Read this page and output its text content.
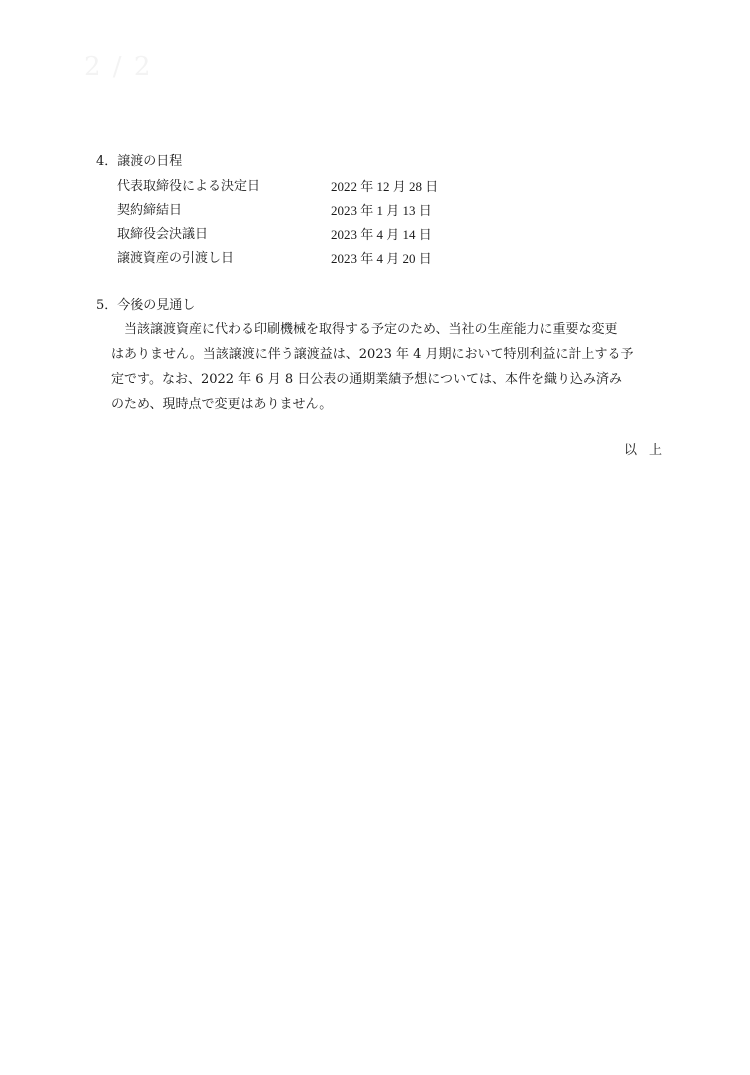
2 / 2
4．譲渡の日程
代表取締役による決定日	2022 年 12 月 28 日
契約締結日	2023 年 1 月 13 日
取締役会決議日	2023 年 4 月 14 日
譲渡資産の引渡し日	2023 年 4 月 20 日
5．今後の見通し
当該譲渡資産に代わる印刷機械を取得する予定のため、当社の生産能力に重要な変更
はありません。当該譲渡に伴う譲渡益は、2023 年 4 月期において特別利益に計上する予
定です。なお、2022 年 6 月 8 日公表の通期業績予想については、本件を織り込み済み
のため、現時点で変更はありません。
以上
